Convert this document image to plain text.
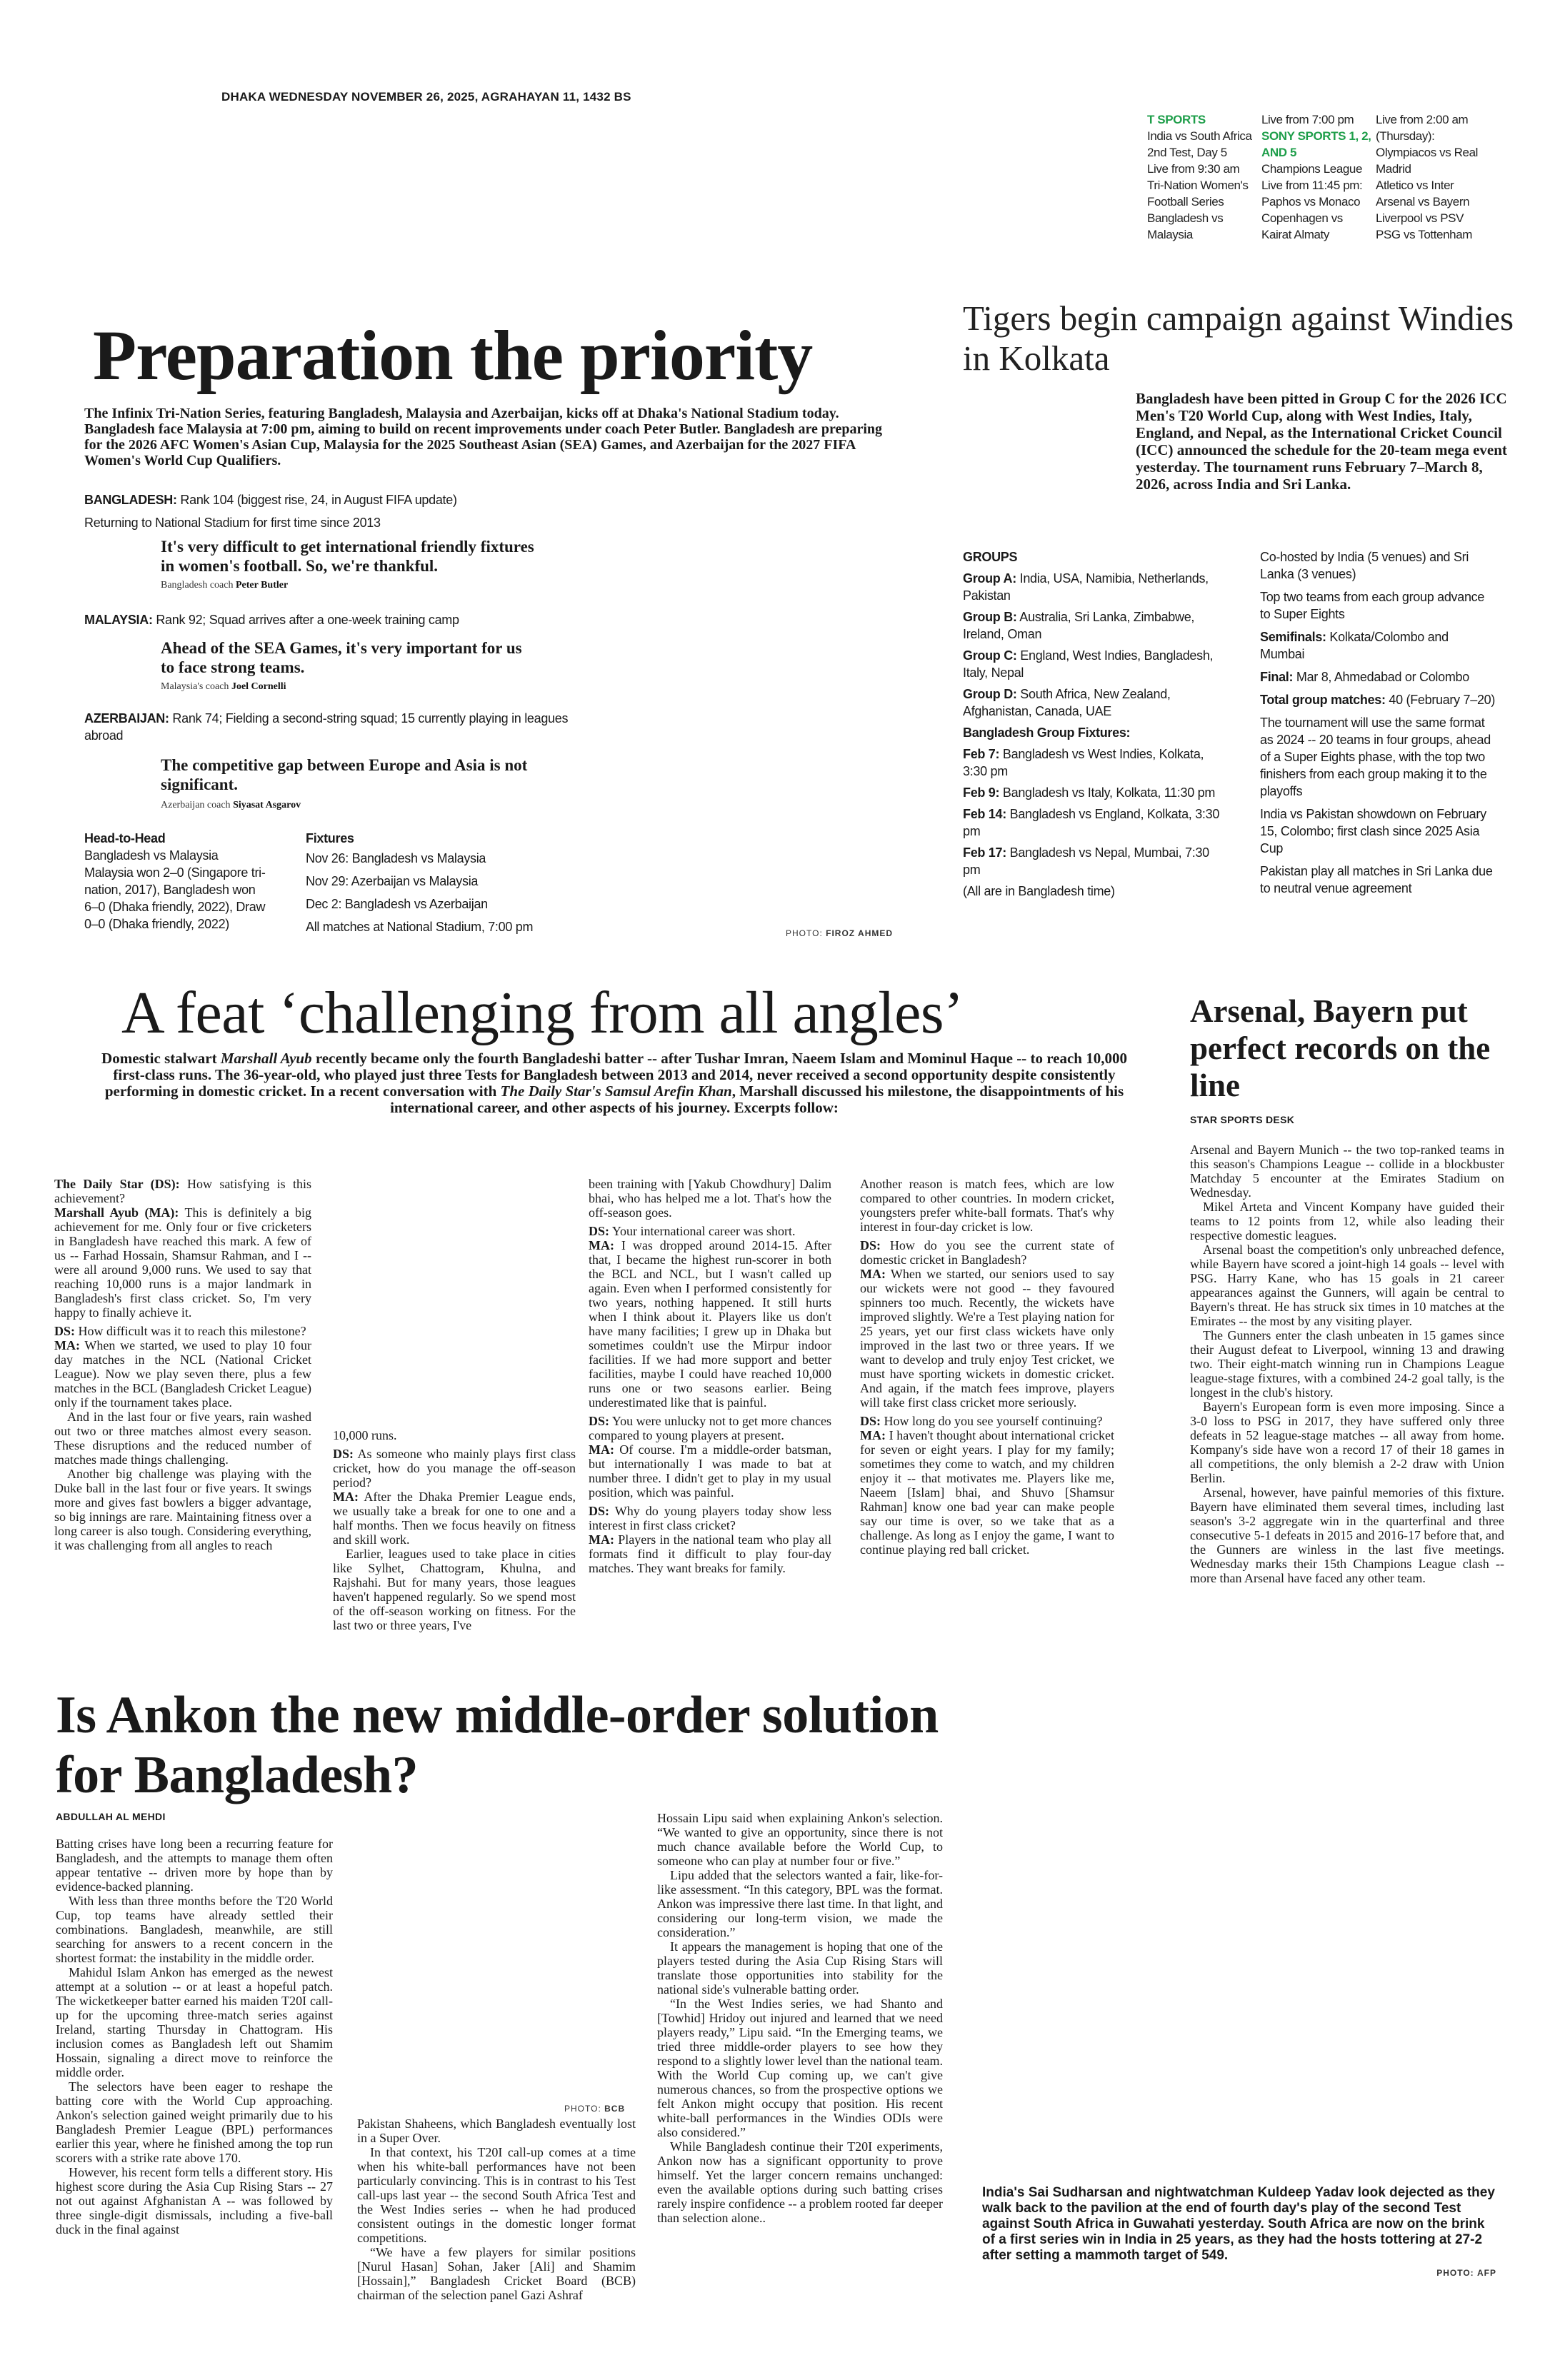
DHAKA WEDNESDAY NOVEMBER 26, 2025, AGRAHAYAN 11, 1432 BS
T SPORTS
India vs South Africa
2nd Test, Day 5
Live from 9:30 am
Tri-Nation Women's
Football Series
Bangladesh vs
Malaysia
Live from 7:00 pm
SONY SPORTS 1, 2,
AND 5
Champions League
Live from 11:45 pm:
Paphos vs Monaco
Copenhagen vs
Kairat Almaty
Live from 2:00 am
(Thursday):
Olympiacos vs Real
Madrid
Atletico vs Inter
Arsenal vs Bayern
Liverpool vs PSV
PSG vs Tottenham
Preparation the priority
The Infinix Tri-Nation Series, featuring Bangladesh, Malaysia and Azerbaijan, kicks off at Dhaka's National Stadium today. Bangladesh face Malaysia at 7:00 pm, aiming to build on recent improvements under coach Peter Butler. Bangladesh are preparing for the 2026 AFC Women's Asian Cup, Malaysia for the 2025 Southeast Asian (SEA) Games, and Azerbaijan for the 2027 FIFA Women's World Cup Qualifiers.
BANGLADESH: Rank 104 (biggest rise, 24, in August FIFA update)
Returning to National Stadium for first time since 2013
It's very difficult to get international friendly fixtures in women's football. So, we're thankful.
Bangladesh coach Peter Butler
MALAYSIA: Rank 92; Squad arrives after a one-week training camp
Ahead of the SEA Games, it's very important for us to face strong teams.
Malaysia's coach Joel Cornelli
AZERBAIJAN: Rank 74; Fielding a second-string squad; 15 currently playing in leagues abroad
The competitive gap between Europe and Asia is not significant.
Azerbaijan coach Siyasat Asgarov
Head-to-Head
Bangladesh vs Malaysia
Malaysia won 2–0 (Singapore tri-nation, 2017), Bangladesh won 6–0 (Dhaka friendly, 2022), Draw 0–0 (Dhaka friendly, 2022)
Fixtures
Nov 26: Bangladesh vs Malaysia
Nov 29: Azerbaijan vs Malaysia
Dec 2: Bangladesh vs Azerbaijan
All matches at National Stadium, 7:00 pm	PHOTO: FIROZ AHMED
Tigers begin campaign against Windies in Kolkata
Bangladesh have been pitted in Group C for the 2026 ICC Men's T20 World Cup, along with West Indies, Italy, England, and Nepal, as the International Cricket Council (ICC) announced the schedule for the 20-team mega event yesterday. The tournament runs February 7–March 8, 2026, across India and Sri Lanka.
GROUPS
Group A: India, USA, Namibia, Netherlands, Pakistan
Group B: Australia, Sri Lanka, Zimbabwe, Ireland, Oman
Group C: England, West Indies, Bangladesh, Italy, Nepal
Group D: South Africa, New Zealand, Afghanistan, Canada, UAE
Bangladesh Group Fixtures:
Feb 7: Bangladesh vs West Indies, Kolkata, 3:30 pm
Feb 9: Bangladesh vs Italy, Kolkata, 11:30 pm
Feb 14: Bangladesh vs England, Kolkata, 3:30 pm
Feb 17: Bangladesh vs Nepal, Mumbai, 7:30 pm
(All are in Bangladesh time)
Co-hosted by India (5 venues) and Sri Lanka (3 venues)
Top two teams from each group advance to Super Eights
Semifinals: Kolkata/Colombo and Mumbai
Final: Mar 8, Ahmedabad or Colombo
Total group matches: 40 (February 7–20)
The tournament will use the same format as 2024 -- 20 teams in four groups, ahead of a Super Eights phase, with the top two finishers from each group making it to the playoffs
India vs Pakistan showdown on February 15, Colombo; first clash since 2025 Asia Cup
Pakistan play all matches in Sri Lanka due to neutral venue agreement
A feat ‘challenging from all angles’
Domestic stalwart Marshall Ayub recently became only the fourth Bangladeshi batter -- after Tushar Imran, Naeem Islam and Mominul Haque -- to reach 10,000 first-class runs. The 36-year-old, who played just three Tests for Bangladesh between 2013 and 2014, never received a second opportunity despite consistently performing in domestic cricket. In a recent conversation with The Daily Star's Samsul Arefin Khan, Marshall discussed his milestone, the disappointments of his international career, and other aspects of his journey. Excerpts follow:

The Daily Star (DS): How satisfying is this achievement?

Marshall Ayub (MA): This is definitely a big achievement for me. Only four or five cricketers in Bangladesh have reached this mark. A few of us -- Farhad Hossain, Shamsur Rahman, and I -- were all around 9,000 runs. We used to say that reaching 10,000 runs is a major landmark in Bangladesh's first class cricket. So, I'm very happy to finally achieve it.

DS: How difficult was it to reach this milestone?

MA: When we started, we used to play 10 four day matches in the NCL (National Cricket League). Now we play seven there, plus a few matches in the BCL (Bangladesh Cricket League) only if the tournament takes place.

And in the last four or five years, rain washed out two or three matches almost every season. These disruptions and the reduced number of matches made things challenging.

Another big challenge was playing with the Duke ball in the last four or five years. It swings more and gives fast bowlers a bigger advantage, so big innings are rare. Maintaining fitness over a long career is also tough. Considering everything, it was challenging from all angles to reach

10,000 runs.

DS: As someone who mainly plays first class cricket, how do you manage the off-season period?

MA: After the Dhaka Premier League ends, we usually take a break for one to one and a half months. Then we focus heavily on fitness and skill work.

Earlier, leagues used to take place in cities like Sylhet, Chattogram, Khulna, and Rajshahi. But for many years, those leagues haven't happened regularly. So we spend most of the off-season working on fitness. For the last two or three years, I've

been training with [Yakub Chowdhury] Dalim bhai, who has helped me a lot. That's how the off-season goes.

DS: Your international career was short.

MA: I was dropped around 2014-15. After that, I became the highest run-scorer in both the BCL and NCL, but I wasn't called up again. Even when I performed consistently for two years, nothing happened. It still hurts when I think about it. Players like us don't have many facilities; I grew up in Dhaka but sometimes couldn't use the Mirpur indoor facilities. If we had more support and better facilities, maybe I could have reached 10,000 runs one or two seasons earlier. Being underestimated like that is painful.

DS: You were unlucky not to get more chances compared to young players at present.

MA: Of course. I'm a middle-order batsman, but internationally I was made to bat at number three. I didn't get to play in my usual position, which was painful.

DS: Why do young players today show less interest in first class cricket?

MA: Players in the national team who play all formats find it difficult to play four-day matches. They want breaks for family.

Another reason is match fees, which are low compared to other countries. In modern cricket, youngsters prefer white-ball formats. That's why interest in four-day cricket is low.

DS: How do you see the current state of domestic cricket in Bangladesh?

MA: When we started, our seniors used to say our wickets were not good -- they favoured spinners too much. Recently, the wickets have improved slightly. We're a Test playing nation for 25 years, yet our first class wickets have only improved in the last two or three years. If we want to develop and truly enjoy Test cricket, we must have sporting wickets in domestic cricket. And again, if the match fees improve, players will take first class cricket more seriously.

DS: How long do you see yourself continuing?

MA: I haven't thought about international cricket for seven or eight years. I play for my family; sometimes they come to watch, and my children enjoy it -- that motivates me. Players like me, Naeem [Islam] bhai, and Shuvo [Shamsur Rahman] know one bad year can make people say our time is over, so we take that as a challenge. As long as I enjoy the game, I want to continue playing red ball cricket.

Arsenal, Bayern put perfect records on the line
STAR SPORTS DESK

Arsenal and Bayern Munich -- the two top-ranked teams in this season's Champions League -- collide in a blockbuster Matchday 5 encounter at the Emirates Stadium on Wednesday.

Mikel Arteta and Vincent Kompany have guided their teams to 12 points from 12, while also leading their respective domestic leagues.

Arsenal boast the competition's only unbreached defence, while Bayern have scored a joint-high 14 goals -- level with PSG. Harry Kane, who has 15 goals in 21 career appearances against the Gunners, will again be central to Bayern's threat. He has struck six times in 10 matches at the Emirates -- the most by any visiting player.

The Gunners enter the clash unbeaten in 15 games since their August defeat to Liverpool, winning 13 and drawing two. Their eight-match winning run in Champions League league-stage fixtures, with a combined 24-2 goal tally, is the longest in the club's history.

Bayern's European form is even more imposing. Since a 3-0 loss to PSG in 2017, they have suffered only three defeats in 52 league-stage matches -- all away from home. Kompany's side have won a record 17 of their 18 games in all competitions, the only blemish a 2-2 draw with Union Berlin.

Arsenal, however, have painful memories of this fixture. Bayern have eliminated them several times, including last season's 3-2 aggregate win in the quarterfinal and three consecutive 5-1 defeats in 2015 and 2016-17 before that, and the Gunners are winless in the last five meetings. Wednesday marks their 15th Champions League clash -- more than Arsenal have faced any other team.

Is Ankon the new middle-order solution for Bangladesh?
ABDULLAH AL MEHDI

Batting crises have long been a recurring feature for Bangladesh, and the attempts to manage them often appear tentative -- driven more by hope than by evidence-backed planning.

With less than three months before the T20 World Cup, top teams have already settled their combinations. Bangladesh, meanwhile, are still searching for answers to a recent concern in the shortest format: the instability in the middle order.

Mahidul Islam Ankon has emerged as the newest attempt at a solution -- or at least a hopeful patch. The wicketkeeper batter earned his maiden T20I call-up for the upcoming three-match series against Ireland, starting Thursday in Chattogram. His inclusion comes as Bangladesh left out Shamim Hossain, signaling a direct move to reinforce the middle order.

The selectors have been eager to reshape the batting core with the World Cup approaching. Ankon's selection gained weight primarily due to his Bangladesh Premier League (BPL) performances earlier this year, where he finished among the top run scorers with a strike rate above 170.

However, his recent form tells a different story. His highest score during the Asia Cup Rising Stars -- 27 not out against Afghanistan A -- was followed by three single-digit dismissals, including a five-ball duck in the final against

PHOTO: BCB

Pakistan Shaheens, which Bangladesh eventually lost in a Super Over.

In that context, his T20I call-up comes at a time when his white-ball performances have not been particularly convincing. This is in contrast to his Test call-ups last year -- the second South Africa Test and the West Indies series -- when he had produced consistent outings in the domestic longer format competitions.

“We have a few players for similar positions [Nurul Hasan] Sohan, Jaker [Ali] and Shamim [Hossain],” Bangladesh Cricket Board (BCB) chairman of the selection panel Gazi Ashraf

Hossain Lipu said when explaining Ankon's selection. “We wanted to give an opportunity, since there is not much chance available before the World Cup, to someone who can play at number four or five.”

Lipu added that the selectors wanted a fair, like-for-like assessment. “In this category, BPL was the format. Ankon was impressive there last time. In that light, and considering our long-term vision, we made the consideration.”

It appears the management is hoping that one of the players tested during the Asia Cup Rising Stars will translate those opportunities into stability for the national side's vulnerable batting order.

“In the West Indies series, we had Shanto and [Towhid] Hridoy out injured and learned that we need players ready,” Lipu said. “In the Emerging teams, we tried three middle-order players to see how they respond to a slightly lower level than the national team. With the World Cup coming up, we can't give numerous chances, so from the prospective options we felt Ankon might occupy that position. His recent white-ball performances in the Windies ODIs were also considered.”

While Bangladesh continue their T20I experiments, Ankon now has a significant opportunity to prove himself. Yet the larger concern remains unchanged: even the available options during such batting crises rarely inspire confidence -- a problem rooted far deeper than selection alone..

India's Sai Sudharsan and nightwatchman Kuldeep Yadav look dejected as they walk back to the pavilion at the end of fourth day's play of the second Test against South Africa in Guwahati yesterday. South Africa are now on the brink of a first series win in India in 25 years, as they had the hosts tottering at 27-2 after setting a mammoth target of 549.
PHOTO: AFP
